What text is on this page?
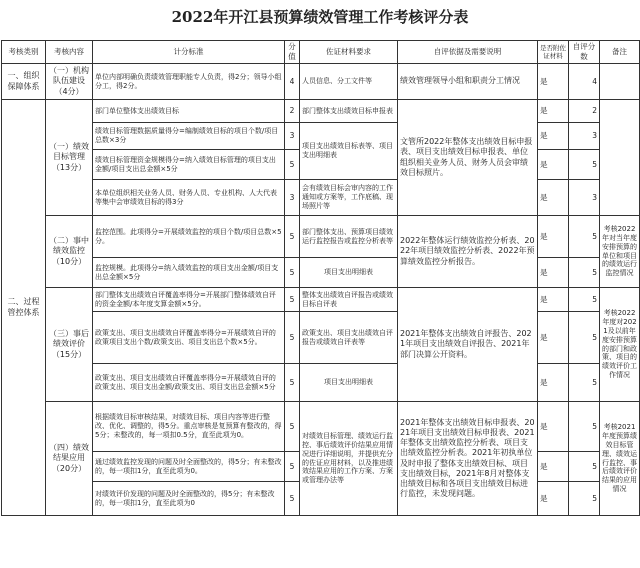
2022年开江县预算绩效管理工作考核评分表
考核类别	考核内容	计分标准	分值	佐证材料要求	自评依据及需要说明	是否附佐证材料	自评分数	备注
一、组织保障体系	（一）机构队伍建设（4分）	单位内部明确负责绩效管理职能专人负责，得2分；领导小组分工，得2分。	4	人员信息、分工文件等	绩效管理领导小组和职责分工情况	是	4	
二、过程管控体系	（一）绩效目标管理（13分）	部门单位整体支出绩效目标	2	部门整体支出绩效目标申报表	文管所2022年整体支出绩效目标申报表、项目支出绩效目标申报表、单位组织相关业务人员、财务人员会审绩效目标照片。	是	2	
		绩效目标管理数据质量得分=编制绩效目标的项目个数/项目总数×3分	3	项目支出绩效目标表等、项目支出明细表		是	3	
		绩效目标管理资金规模得分=纳入绩效目标管理的项目支出金额/项目支出总金额×5分	5			是	5	
		本单位组织相关业务人员、财务人员、专业机构、人大代表等集中会审绩效目标的得3分	3	会有绩效目标会审内容的工作通知或方案等，工作底稿、现场照片等		是	3	
	（二）事中绩效监控（10分）	监控范围。此项得分=开展绩效监控的项目个数/项目总数×5分。	5	部门整体支出、预算项目绩效运行监控报告或监控分析表等	2022年整体运行绩效监控分析表、2022年项目绩效监控分析表、2022年预算绩效监控分析报告。	是	5	考核2022年对当年度安排预算的单位和项目的绩效运行监控情况
		监控规模。此项得分=纳入绩效监控的项目支出金额/项目支出总金额×5分	5	项目支出明细表		是	5	
	（三）事后绩效评价（15分）	部门整体支出绩效自评覆盖率得分=开展部门整体绩效自评的资金金额/本年度支算金额×5分。	5	整体支出绩效自评报告或绩效目标自评表	2021年整体支出绩效自评报告、2021年项目支出绩效自评报告、2021年部门决算公开资料。	是	5	考核2022年度对2021及以前年度安排预算的部门和政策、项目的绩效评价工作情况
		政策支出、项目支出绩效自评覆盖率得分=开展绩效自评的政策项目支出个数/政策支出、项目支出总个数×5分。	5	政策支出、项目支出绩效自评报告或绩效自评表等		是	5	
		政策支出、项目支出绩效自评覆盖率得分=开展绩效自评的政策支出、项目支出金额/政策支出、项目支出总金额×5分	5	项目支出明细表		是	5	
	（四）绩效结果应用（20分）	根据绩效目标审核结果，对绩效目标、项目内容等进行整改、优化、调整的，得5分。重点审核是复预算有整改的，得5分；未整改的，每一项扣0.5分，直至此项为0。	5	对绩效目标管理、绩效运行监控、事后绩效评价结果应用情况进行详细说明，并提供充分的佐证应用材料，以及推进绩效结果应用的工作方案、方案或管理办法等	2021年整体支出绩效目标申报表、2021年项目支出绩效目标申报表、2021年整体支出绩效监控分析表、项目支出绩效监控分析表。2021年初执单位及时申报了整体支出绩效目标、项目支出绩效目标，2021年8月对整体支出绩效目标和各项目支出绩效目标进行监控，未发现问题。	是	5	考核2021年度预算绩效目标管理、绩效运行监控、事后绩效评价结果的应用情况
		通过绩效监控发现的问题及时全面整改的，得5分；有未整改的，每一项扣1分，直至此项为0。	5			是	5	
		对绩效评价发现的问题及时全面整改的，得5分；有未整改的，每一项扣1分，直至此项为0	5			是	5	
